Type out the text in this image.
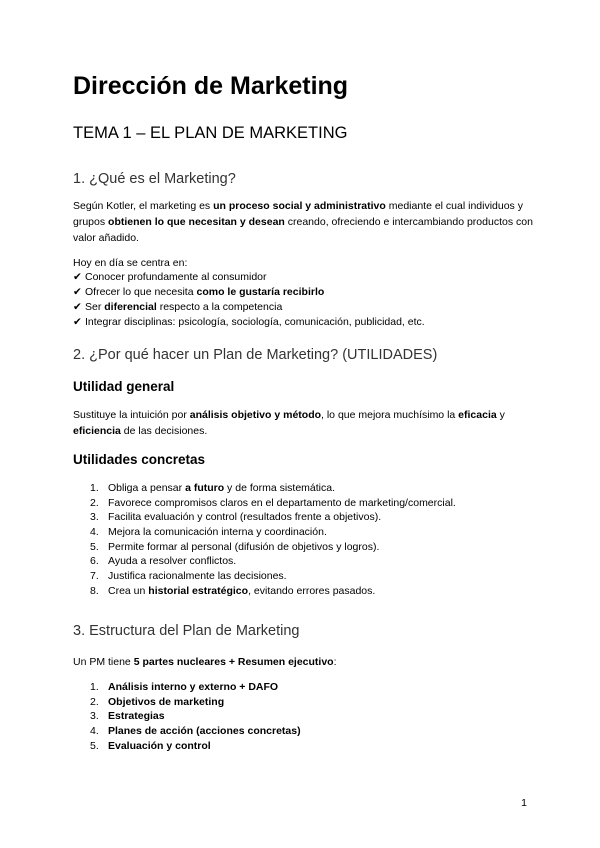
Dirección de Marketing
TEMA 1 – EL PLAN DE MARKETING
1. ¿Qué es el Marketing?

Según Kotler, el marketing es un proceso social y administrativo mediante el cual individuos y grupos obtienen lo que necesitan y desean creando, ofreciendo e intercambiando productos con valor añadido.

Hoy en día se centra en:

✔ Conocer profundamente al consumidor
✔ Ofrecer lo que necesita como le gustaría recibirlo
✔ Ser diferencial respecto a la competencia
✔ Integrar disciplinas: psicología, sociología, comunicación, publicidad, etc.
2. ¿Por qué hacer un Plan de Marketing? (UTILIDADES)
Utilidad general

Sustituye la intuición por análisis objetivo y método, lo que mejora muchísimo la eficacia y eficiencia de las decisiones.

Utilidades concretas
1. Obliga a pensar a futuro y de forma sistemática.
2. Favorece compromisos claros en el departamento de marketing/comercial.
3. Facilita evaluación y control (resultados frente a objetivos).
4. Mejora la comunicación interna y coordinación.
5. Permite formar al personal (difusión de objetivos y logros).
6. Ayuda a resolver conflictos.
7. Justifica racionalmente las decisiones.
8. Crea un historial estratégico, evitando errores pasados.
3. Estructura del Plan de Marketing

Un PM tiene 5 partes nucleares + Resumen ejecutivo:

1. Análisis interno y externo + DAFO
2. Objetivos de marketing
3. Estrategias
4. Planes de acción (acciones concretas)
5. Evaluación y control
1
